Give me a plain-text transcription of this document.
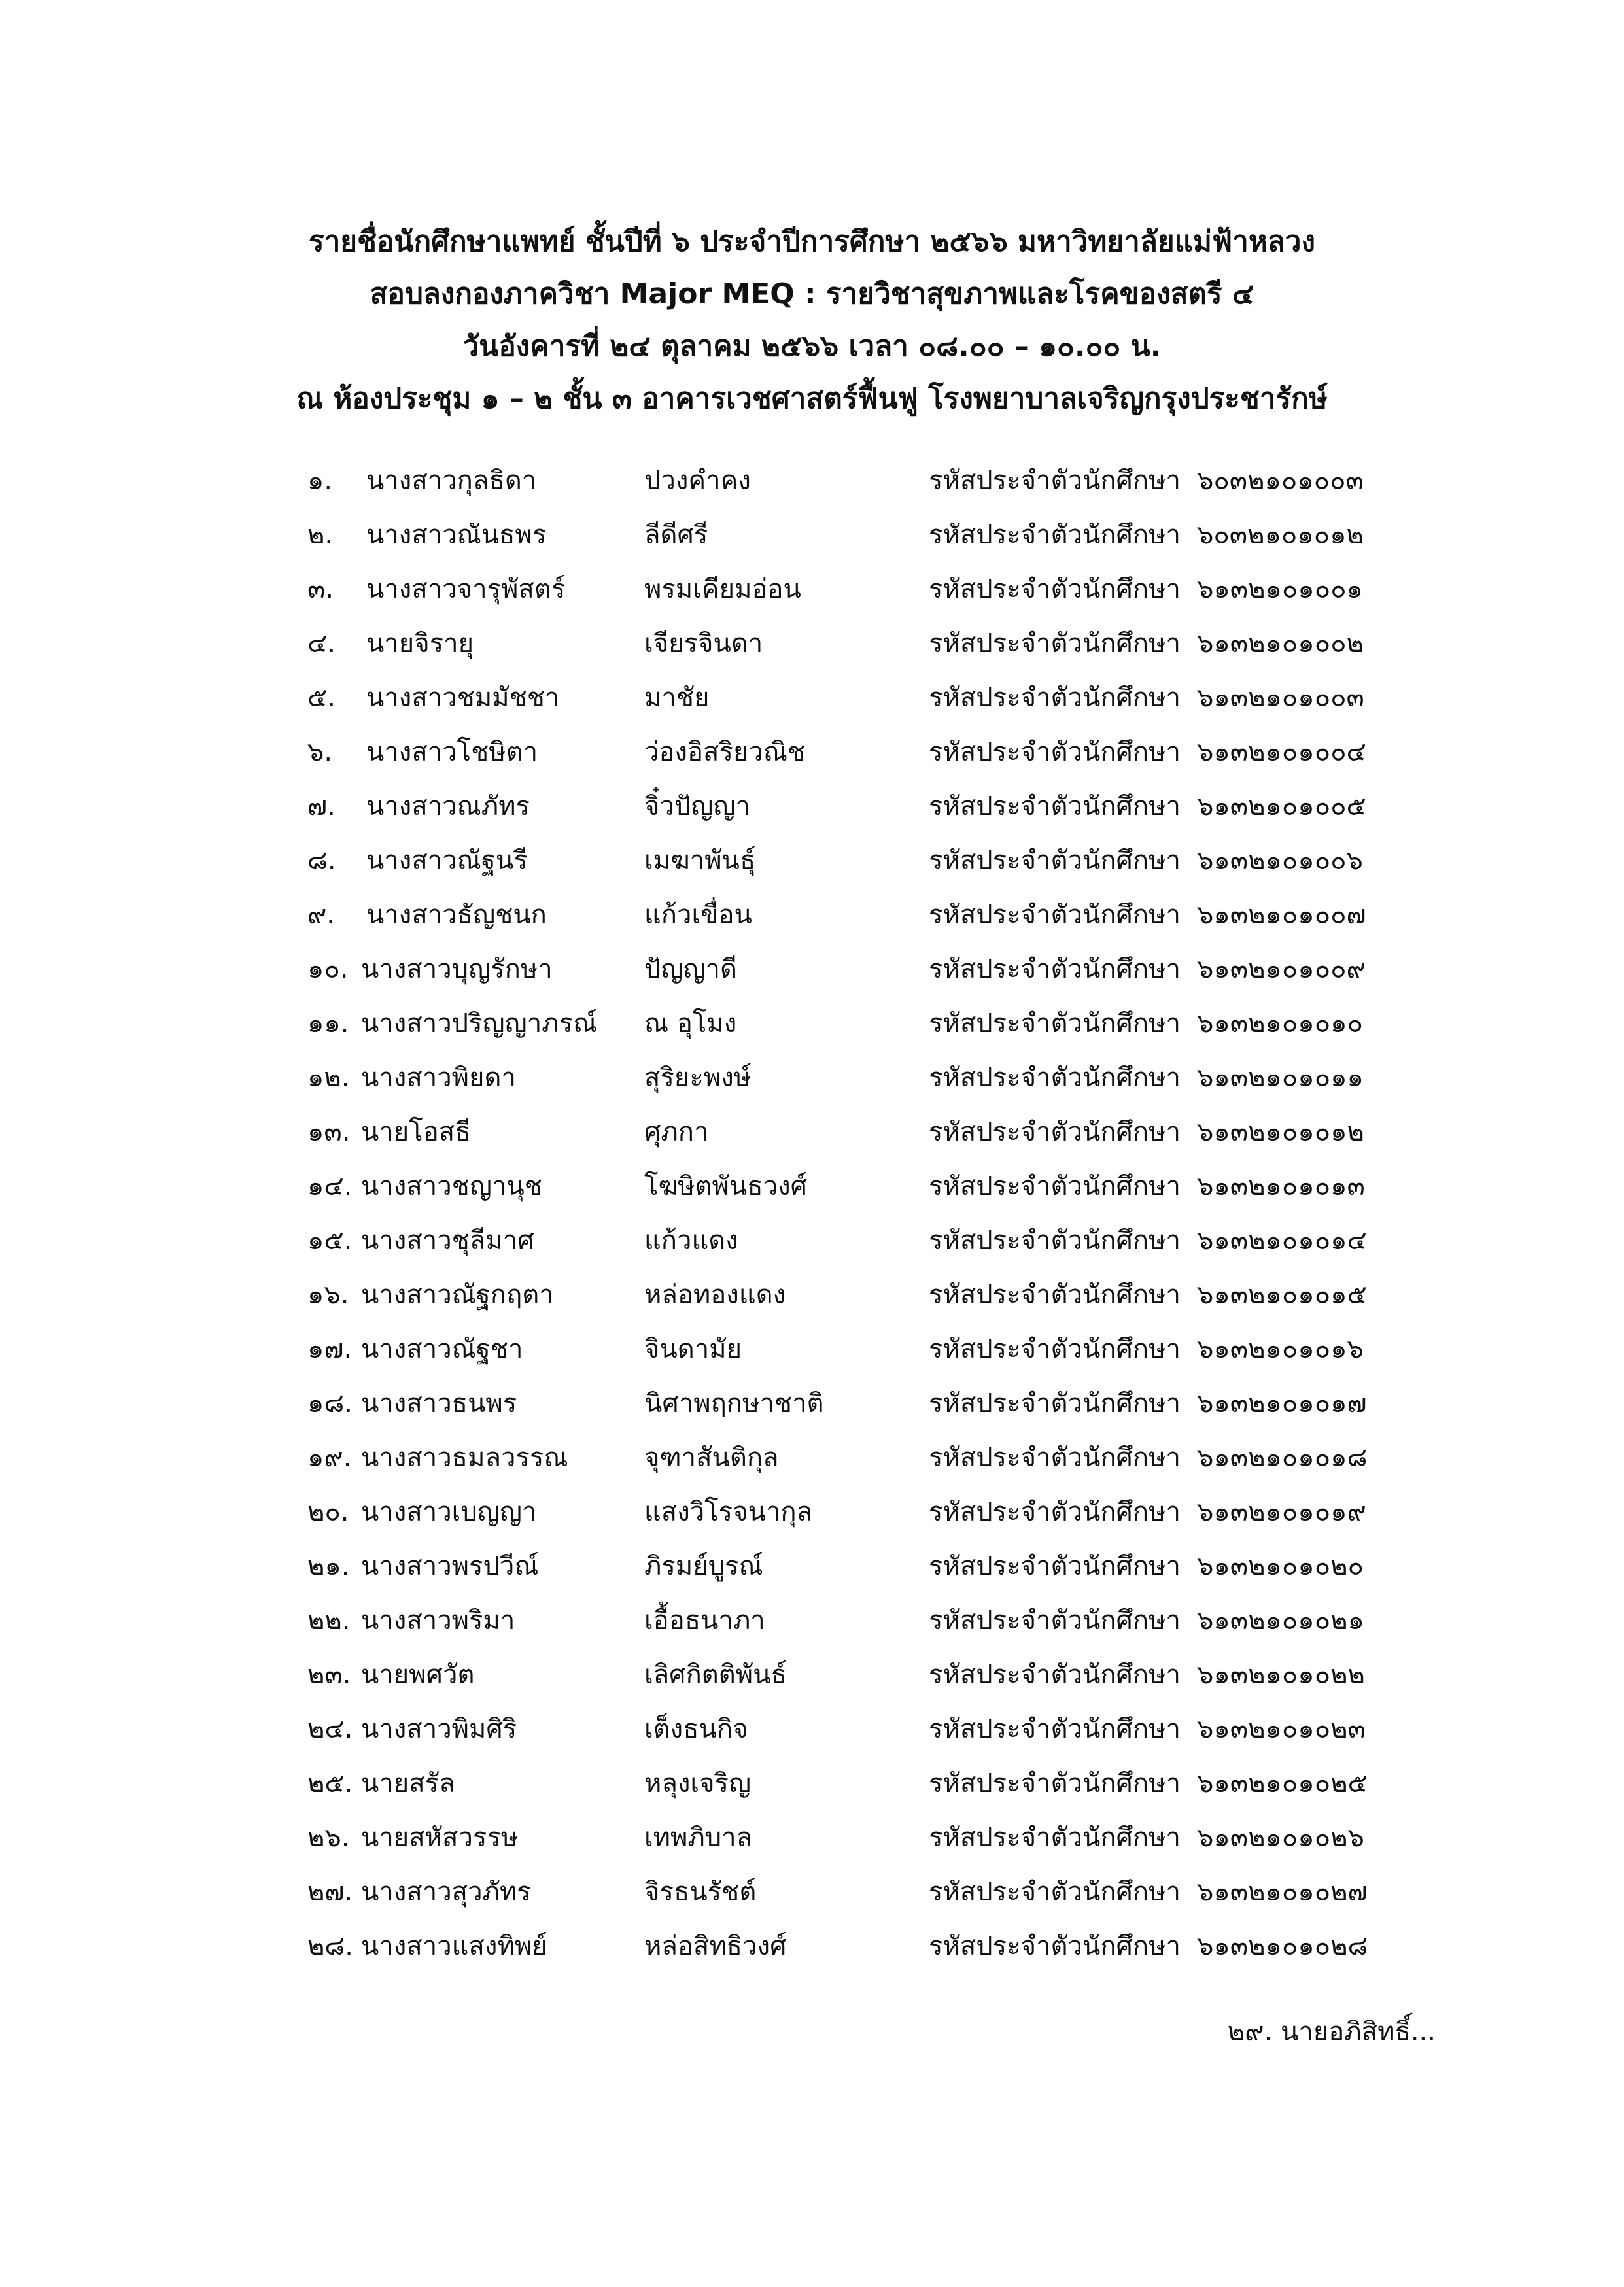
รายชื่อนักศึกษาแพทย์ ชั้นปีที่ ๖ ประจำปีการศึกษา ๒๕๖๖ มหาวิทยาลัยแม่ฟ้าหลวง
สอบลงกองภาควิชา Major MEQ : รายวิชาสุขภาพและโรคของสตรี ๔
วันอังคารที่ ๒๔ ตุลาคม ๒๕๖๖ เวลา ๐๘.๐๐ – ๑๐.๐๐ น.
ณ ห้องประชุม ๑ – ๒ ชั้น ๓ อาคารเวชศาสตร์ฟื้นฟู โรงพยาบาลเจริญกรุงประชารักษ์
๑.	นางสาวกุลธิดา	ปวงคำคง	รหัสประจำตัวนักศึกษา ๖๐๓๒๑๐๑๐๐๓
๒.	นางสาวณันธพร	ลีดีศรี	รหัสประจำตัวนักศึกษา ๖๐๓๒๑๐๑๐๑๒
๓.	นางสาวจารุพัสตร์	พรมเคียมอ่อน	รหัสประจำตัวนักศึกษา ๖๑๓๒๑๐๑๐๐๑
๔.	นายจิรายุ	เจียรจินดา	รหัสประจำตัวนักศึกษา ๖๑๓๒๑๐๑๐๐๒
๕.	นางสาวชมมัชชา	มาชัย	รหัสประจำตัวนักศึกษา ๖๑๓๒๑๐๑๐๐๓
๖.	นางสาวโชษิตา	ว่องอิสริยวณิช	รหัสประจำตัวนักศึกษา ๖๑๓๒๑๐๑๐๐๔
๗.	นางสาวณภัทร	จิ๋วปัญญา	รหัสประจำตัวนักศึกษา ๖๑๓๒๑๐๑๐๐๕
๘.	นางสาวณัฐนรี	เมฆาพันธุ์	รหัสประจำตัวนักศึกษา ๖๑๓๒๑๐๑๐๐๖
๙.	นางสาวธัญชนก	แก้วเขื่อน	รหัสประจำตัวนักศึกษา ๖๑๓๒๑๐๑๐๐๗
๑๐. นางสาวบุญรักษา	ปัญญาดี	รหัสประจำตัวนักศึกษา ๖๑๓๒๑๐๑๐๐๙
๑๑. นางสาวปริญญาภรณ์	ณ อุโมง	รหัสประจำตัวนักศึกษา ๖๑๓๒๑๐๑๐๑๐
๑๒. นางสาวพิยดา	สุริยะพงษ์	รหัสประจำตัวนักศึกษา ๖๑๓๒๑๐๑๐๑๑
๑๓. นายโอสธี	ศุภกา	รหัสประจำตัวนักศึกษา ๖๑๓๒๑๐๑๐๑๒
๑๔. นางสาวชญานุช	โฆษิตพันธวงศ์	รหัสประจำตัวนักศึกษา ๖๑๓๒๑๐๑๐๑๓
๑๕. นางสาวชุลีมาศ	แก้วแดง	รหัสประจำตัวนักศึกษา ๖๑๓๒๑๐๑๐๑๔
๑๖. นางสาวณัฐกฤตา	หล่อทองแดง	รหัสประจำตัวนักศึกษา ๖๑๓๒๑๐๑๐๑๕
๑๗. นางสาวณัฐชา	จินดามัย	รหัสประจำตัวนักศึกษา ๖๑๓๒๑๐๑๐๑๖
๑๘. นางสาวธนพร	นิศาพฤกษาชาติ	รหัสประจำตัวนักศึกษา ๖๑๓๒๑๐๑๐๑๗
๑๙. นางสาวธมลวรรณ	จุฑาสันติกุล	รหัสประจำตัวนักศึกษา ๖๑๓๒๑๐๑๐๑๘
๒๐. นางสาวเบญญา	แสงวิโรจนากุล	รหัสประจำตัวนักศึกษา ๖๑๓๒๑๐๑๐๑๙
๒๑. นางสาวพรปวีณ์	ภิรมย์บูรณ์	รหัสประจำตัวนักศึกษา ๖๑๓๒๑๐๑๐๒๐
๒๒. นางสาวพริมา	เอื้อธนาภา	รหัสประจำตัวนักศึกษา ๖๑๓๒๑๐๑๐๒๑
๒๓. นายพศวัต	เลิศกิตติพันธ์	รหัสประจำตัวนักศึกษา ๖๑๓๒๑๐๑๐๒๒
๒๔. นางสาวพิมศิริ	เต็งธนกิจ	รหัสประจำตัวนักศึกษา ๖๑๓๒๑๐๑๐๒๓
๒๕. นายสรัล	หลุงเจริญ	รหัสประจำตัวนักศึกษา ๖๑๓๒๑๐๑๐๒๕
๒๖. นายสหัสวรรษ	เทพภิบาล	รหัสประจำตัวนักศึกษา ๖๑๓๒๑๐๑๐๒๖
๒๗. นางสาวสุวภัทร	จิรธนรัชต์	รหัสประจำตัวนักศึกษา ๖๑๓๒๑๐๑๐๒๗
๒๘. นางสาวแสงทิพย์	หล่อสิทธิวงศ์	รหัสประจำตัวนักศึกษา ๖๑๓๒๑๐๑๐๒๘
๒๙. นายอภิสิทธิ์...
